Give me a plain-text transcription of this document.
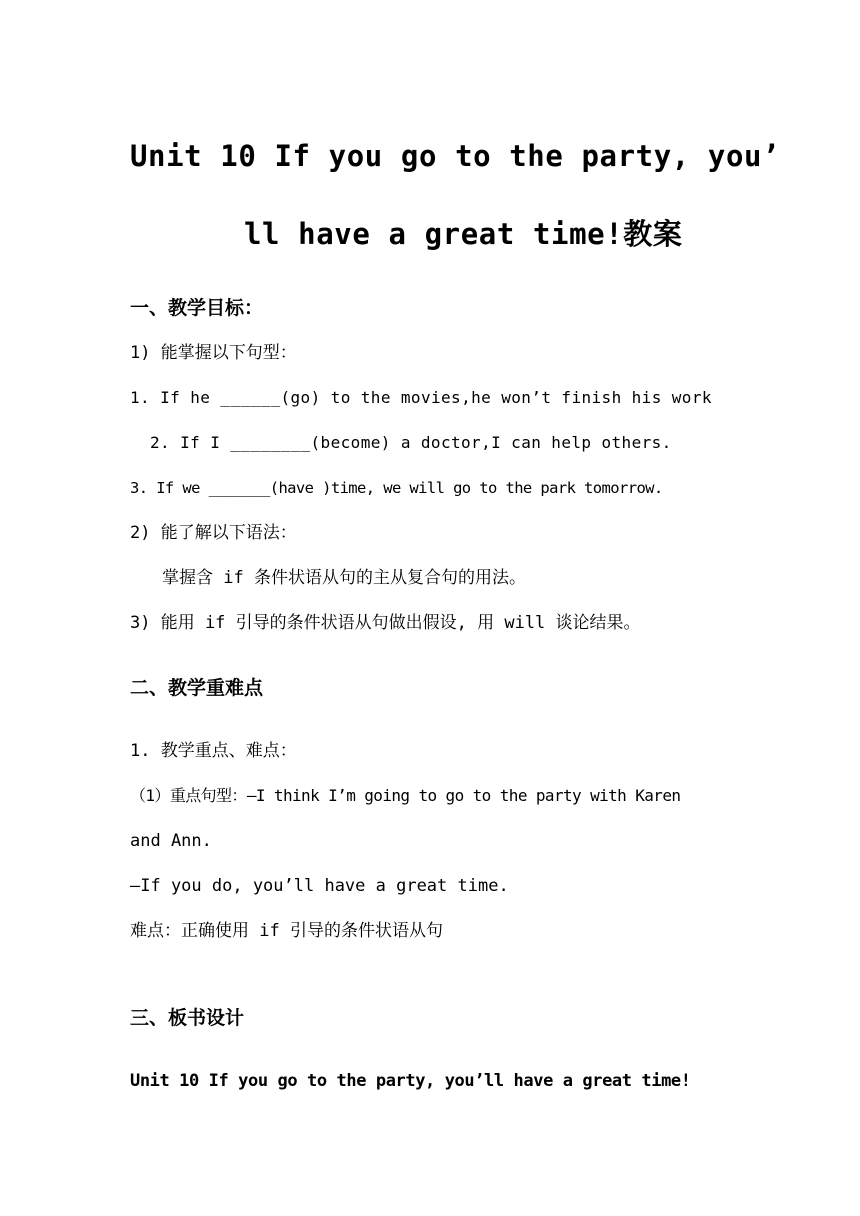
Unit 10 If you go to the party, you’
ll have a great time!教案
一、教学目标：
1) 能掌握以下句型：
1. If he ______(go) to the movies,he won’t finish his work
2. If I ________(become) a doctor,I can help others.
3. If we _______(have )time, we will go to the park tomorrow.
2) 能了解以下语法：
掌握含 if 条件状语从句的主从复合句的用法。
3) 能用 if 引导的条件状语从句做出假设, 用 will 谈论结果。
二、教学重难点
1. 教学重点、难点：
（1）重点句型：—I think I’m going to go to the party with Karen
and Ann.
—If you do, you’ll have a great time.
难点：正确使用 if 引导的条件状语从句
三、板书设计
Unit 10 If you go to the party, you’ll have a great time!
